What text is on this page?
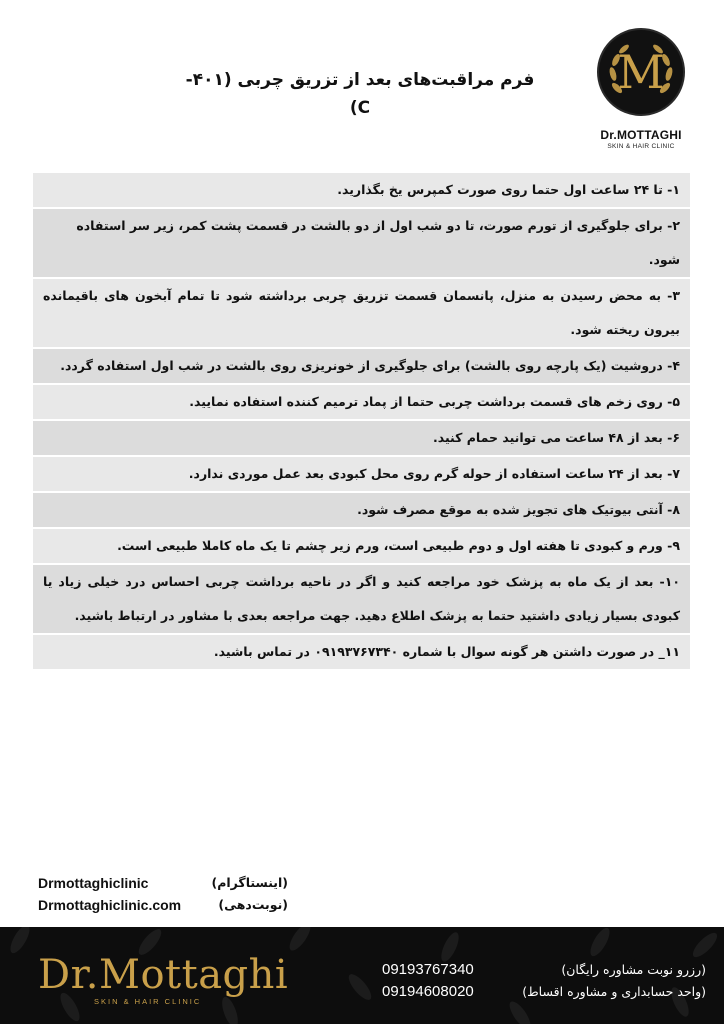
فرم مراقبت‌های بعد از تزریق چربی (۴۰۱-C)
M
Dr.MOTTAGHI
SKIN & HAIR CLINIC
۱- تا ۲۴ ساعت اول حتما روی صورت کمپرس یخ بگذارید.
۲- برای جلوگیری از تورم صورت، تا دو شب اول از دو بالشت در قسمت پشت کمر، زیر سر استفاده شود.
۳- به محض رسیدن به منزل، پانسمان قسمت تزریق چربی برداشته شود تا تمام آبخون های باقیمانده بیرون ریخته شود.
۴- دروشیت (یک پارچه روی بالشت) برای جلوگیری از خونریزی روی بالشت در شب اول استفاده گردد.
۵- روی زخم های قسمت برداشت چربی حتما از پماد ترمیم کننده استفاده نمایید.
۶- بعد از ۴۸ ساعت می توانید حمام کنید.
۷- بعد از ۲۴ ساعت استفاده از حوله گرم روی محل کبودی بعد عمل موردی ندارد.
۸- آنتی بیوتیک های تجویز شده به موقع مصرف شود.
۹- ورم و کبودی تا هفته اول و دوم طبیعی است، ورم زیر چشم تا یک ماه کاملا طبیعی است.
۱۰- بعد از یک ماه به پزشک خود مراجعه کنید و اگر در ناحیه برداشت چربی احساس درد خیلی زیاد یا کبودی بسیار زیادی داشتید حتما به پزشک اطلاع دهید. جهت مراجعه بعدی با مشاور در ارتباط باشید.
۱۱_ در صورت داشتن هر گونه سوال با شماره ۰۹۱۹۳۷۶۷۳۴۰ در تماس باشید.
Drmottaghiclinic	(اینستاگرام)
Drmottaghiclinic.com	(نوبت‌دهی)
Dr.Mottaghi
SKIN & HAIR CLINIC
09193767340	(رزرو نوبت مشاوره رایگان)
09194608020	(واحد حسابداری و مشاوره اقساط)
